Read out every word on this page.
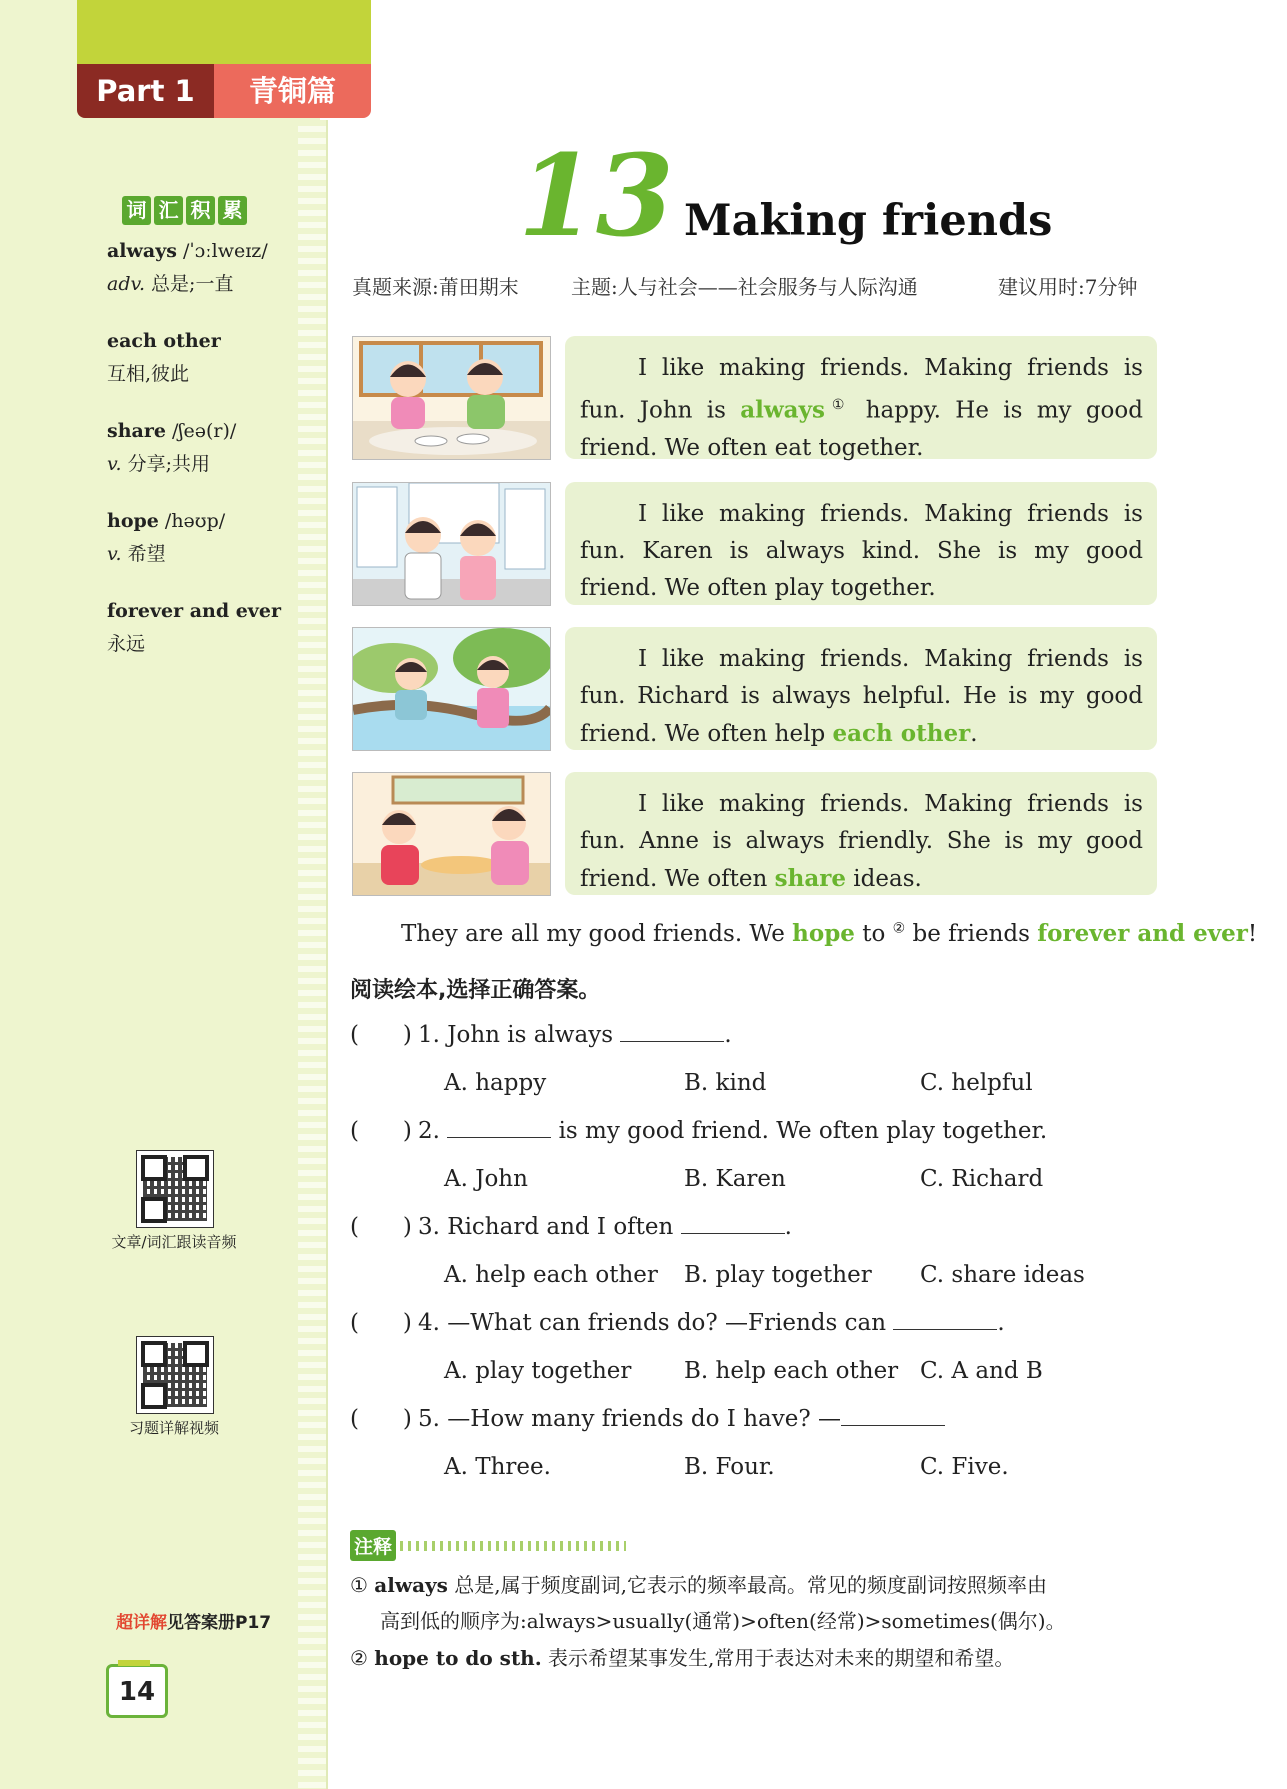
Part 1	青铜篇
词 汇 积 累
always /ˈɔːlweɪz/
adv. 总是;一直
each other
互相,彼此
share /ʃeə(r)/
v. 分享;共用
hope /həʊp/
v. 希望
forever and ever
永远
文章/词汇跟读音频
习题详解视频
超详解见答案册P17
14
13 Making friends
真题来源:莆田期末	主题:人与社会——社会服务与人际沟通	建议用时:7分钟

I like making friends. Making friends is fun. John is always① happy. He is my good friend. We often eat together.

I like making friends. Making friends is fun. Karen is always kind. She is my good friend. We often play together.

I like making friends. Making friends is fun. Richard is always helpful. He is my good friend. We often help each other.

I like making friends. Making friends is fun. Anne is always friendly. She is my good friend. We often share ideas.

They are all my good friends. We hope to ② be friends forever and ever!
阅读绘本,选择正确答案。
(      ) 1. John is always	.
A. happy	B. kind	C. helpful
(      ) 2.	is my good friend. We often play together.
A. John	B. Karen	C. Richard
(      ) 3. Richard and I often	.
A. help each other B. play together C. share ideas
(      ) 4. —What can friends do? —Friends can	.
A. play together B. help each other C. A and B
(      ) 5. —How many friends do I have? —
A. Three.	B. Four.	C. Five.
注释
① always 总是,属于频度副词,它表示的频率最高。常见的频度副词按照频率由
高到低的顺序为:always>usually(通常)>often(经常)>sometimes(偶尔)。
② hope to do sth. 表示希望某事发生,常用于表达对未来的期望和希望。
